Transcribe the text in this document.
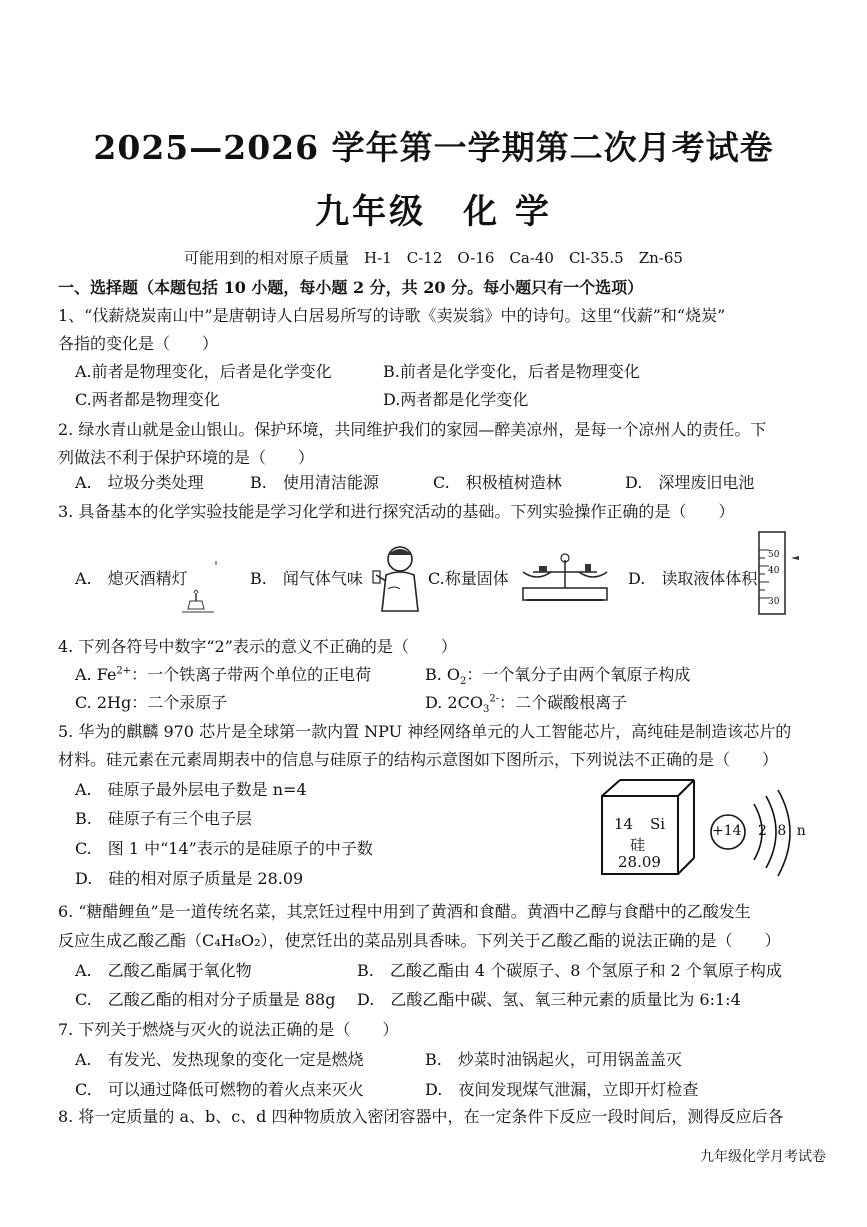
2025—2026 学年第一学期第二次月考试卷
九年级　化 学
可能用到的相对原子质量　H-1　C-12　O-16　Ca-40　Cl-35.5　Zn-65
一、选择题（本题包括 10 小题，每小题 2 分，共 20 分。每小题只有一个选项）
1、“伐薪烧炭南山中”是唐朝诗人白居易所写的诗歌《卖炭翁》中的诗句。这里“伐薪”和“烧炭”
各指的变化是（　　）
A.前者是物理变化，后者是化学变化	B.前者是化学变化，后者是物理变化
C.两者都是物理变化	D.两者都是化学变化
2. 绿水青山就是金山银山。保护环境，共同维护我们的家园—醉美凉州，是每一个凉州人的责任。下
列做法不利于保护环境的是（　　）
A.　垃圾分类处理	B.　使用清洁能源	C.　积极植树造林	D.　深埋废旧电池
3. 具备基本的化学实验技能是学习化学和进行探究活动的基础。下列实验操作正确的是（　　）
A.　熄灭酒精灯	B.　闻气体气味	C.称量固体	D.　读取液体体积
50
40
30
4. 下列各符号中数字“2”表示的意义不正确的是（　　）
A. $Fe^{2+}$：一个铁离子带两个单位的正电荷	B. $O_2$：一个氧分子由两个氧原子构成
C. 2Hg：二个汞原子	D. $2CO_3^{2-}$：二个碳酸根离子
5. 华为的麒麟 970 芯片是全球第一款内置 NPU 神经网络单元的人工智能芯片，高纯硅是制造该芯片的
材料。硅元素在元素周期表中的信息与硅原子的结构示意图如下图所示，下列说法不正确的是（　　）
A.　硅原子最外层电子数是 n=4
B.　硅原子有三个电子层
C.　图 1 中“14”表示的是硅原子的中子数
D.　硅的相对原子质量是 28.09
14 Si
硅
28.09
+14 2 8 n
6. “糖醋鲤鱼”是一道传统名菜，其烹饪过程中用到了黄酒和食醋。黄酒中乙醇与食醋中的乙酸发生
反应生成乙酸乙酯（C₄H₈O₂），使烹饪出的菜品别具香味。下列关于乙酸乙酯的说法正确的是（　　）
A.　乙酸乙酯属于氧化物	B.　乙酸乙酯由 4 个碳原子、8 个氢原子和 2 个氧原子构成
C.　乙酸乙酯的相对分子质量是 88g D.　乙酸乙酯中碳、氢、氧三种元素的质量比为 6:1:4
7. 下列关于燃烧与灭火的说法正确的是（　　）
A.　有发光、发热现象的变化一定是燃烧	B.　炒菜时油锅起火，可用锅盖盖灭
C.　可以通过降低可燃物的着火点来灭火	D.　夜间发现煤气泄漏，立即开灯检查
8. 将一定质量的 a、b、c、d 四种物质放入密闭容器中，在一定条件下反应一段时间后，测得反应后各
九年级化学月考试卷
